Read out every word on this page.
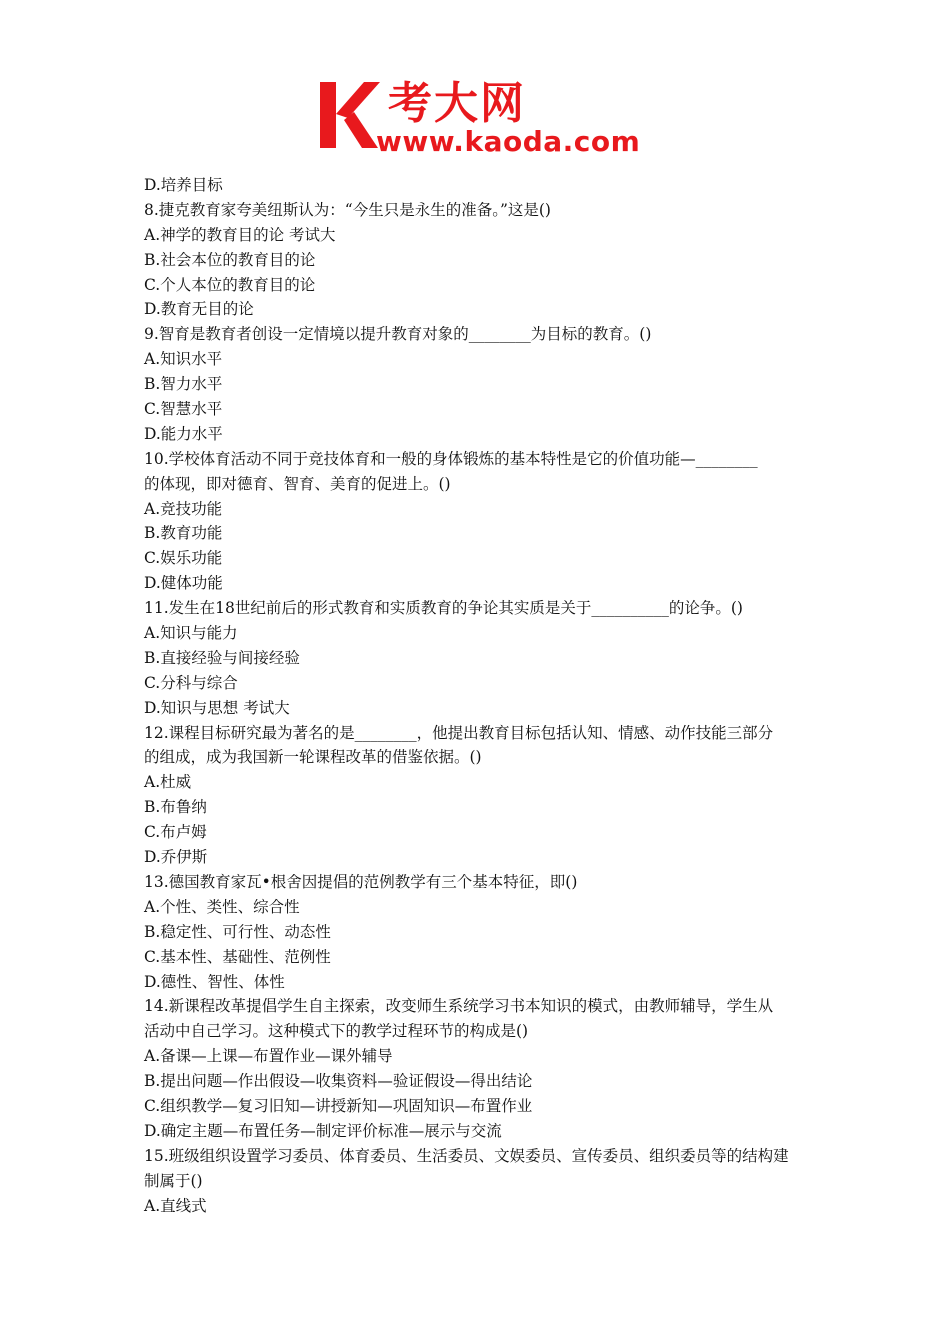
考大网
www.kaoda.com
D.培养目标
8.捷克教育家夸美纽斯认为：“今生只是永生的准备。”这是()
A.神学的教育目的论 考试大
B.社会本位的教育目的论
C.个人本位的教育目的论
D.教育无目的论
9.智育是教育者创设一定情境以提升教育对象的________为目标的教育。()
A.知识水平
B.智力水平
C.智慧水平
D.能力水平
10.学校体育活动不同于竞技体育和一般的身体锻炼的基本特性是它的价值功能—________
的体现，即对德育、智育、美育的促进上。()
A.竞技功能
B.教育功能
C.娱乐功能
D.健体功能
11.发生在18世纪前后的形式教育和实质教育的争论其实质是关于__________的论争。()
A.知识与能力
B.直接经验与间接经验
C.分科与综合
D.知识与思想 考试大
12.课程目标研究最为著名的是________，他提出教育目标包括认知、情感、动作技能三部分
的组成，成为我国新一轮课程改革的借鉴依据。()
A.杜威
B.布鲁纳
C.布卢姆
D.乔伊斯
13.德国教育家瓦•根舍因提倡的范例教学有三个基本特征，即()
A.个性、类性、综合性
B.稳定性、可行性、动态性
C.基本性、基础性、范例性
D.德性、智性、体性
14.新课程改革提倡学生自主探索，改变师生系统学习书本知识的模式，由教师辅导，学生从
活动中自己学习。这种模式下的教学过程环节的构成是()
A.备课—上课—布置作业—课外辅导
B.提出问题—作出假设—收集资料—验证假设—得出结论
C.组织教学—复习旧知—讲授新知—巩固知识—布置作业
D.确定主题—布置任务—制定评价标准—展示与交流
15.班级组织设置学习委员、体育委员、生活委员、文娱委员、宣传委员、组织委员等的结构建
制属于()
A.直线式
